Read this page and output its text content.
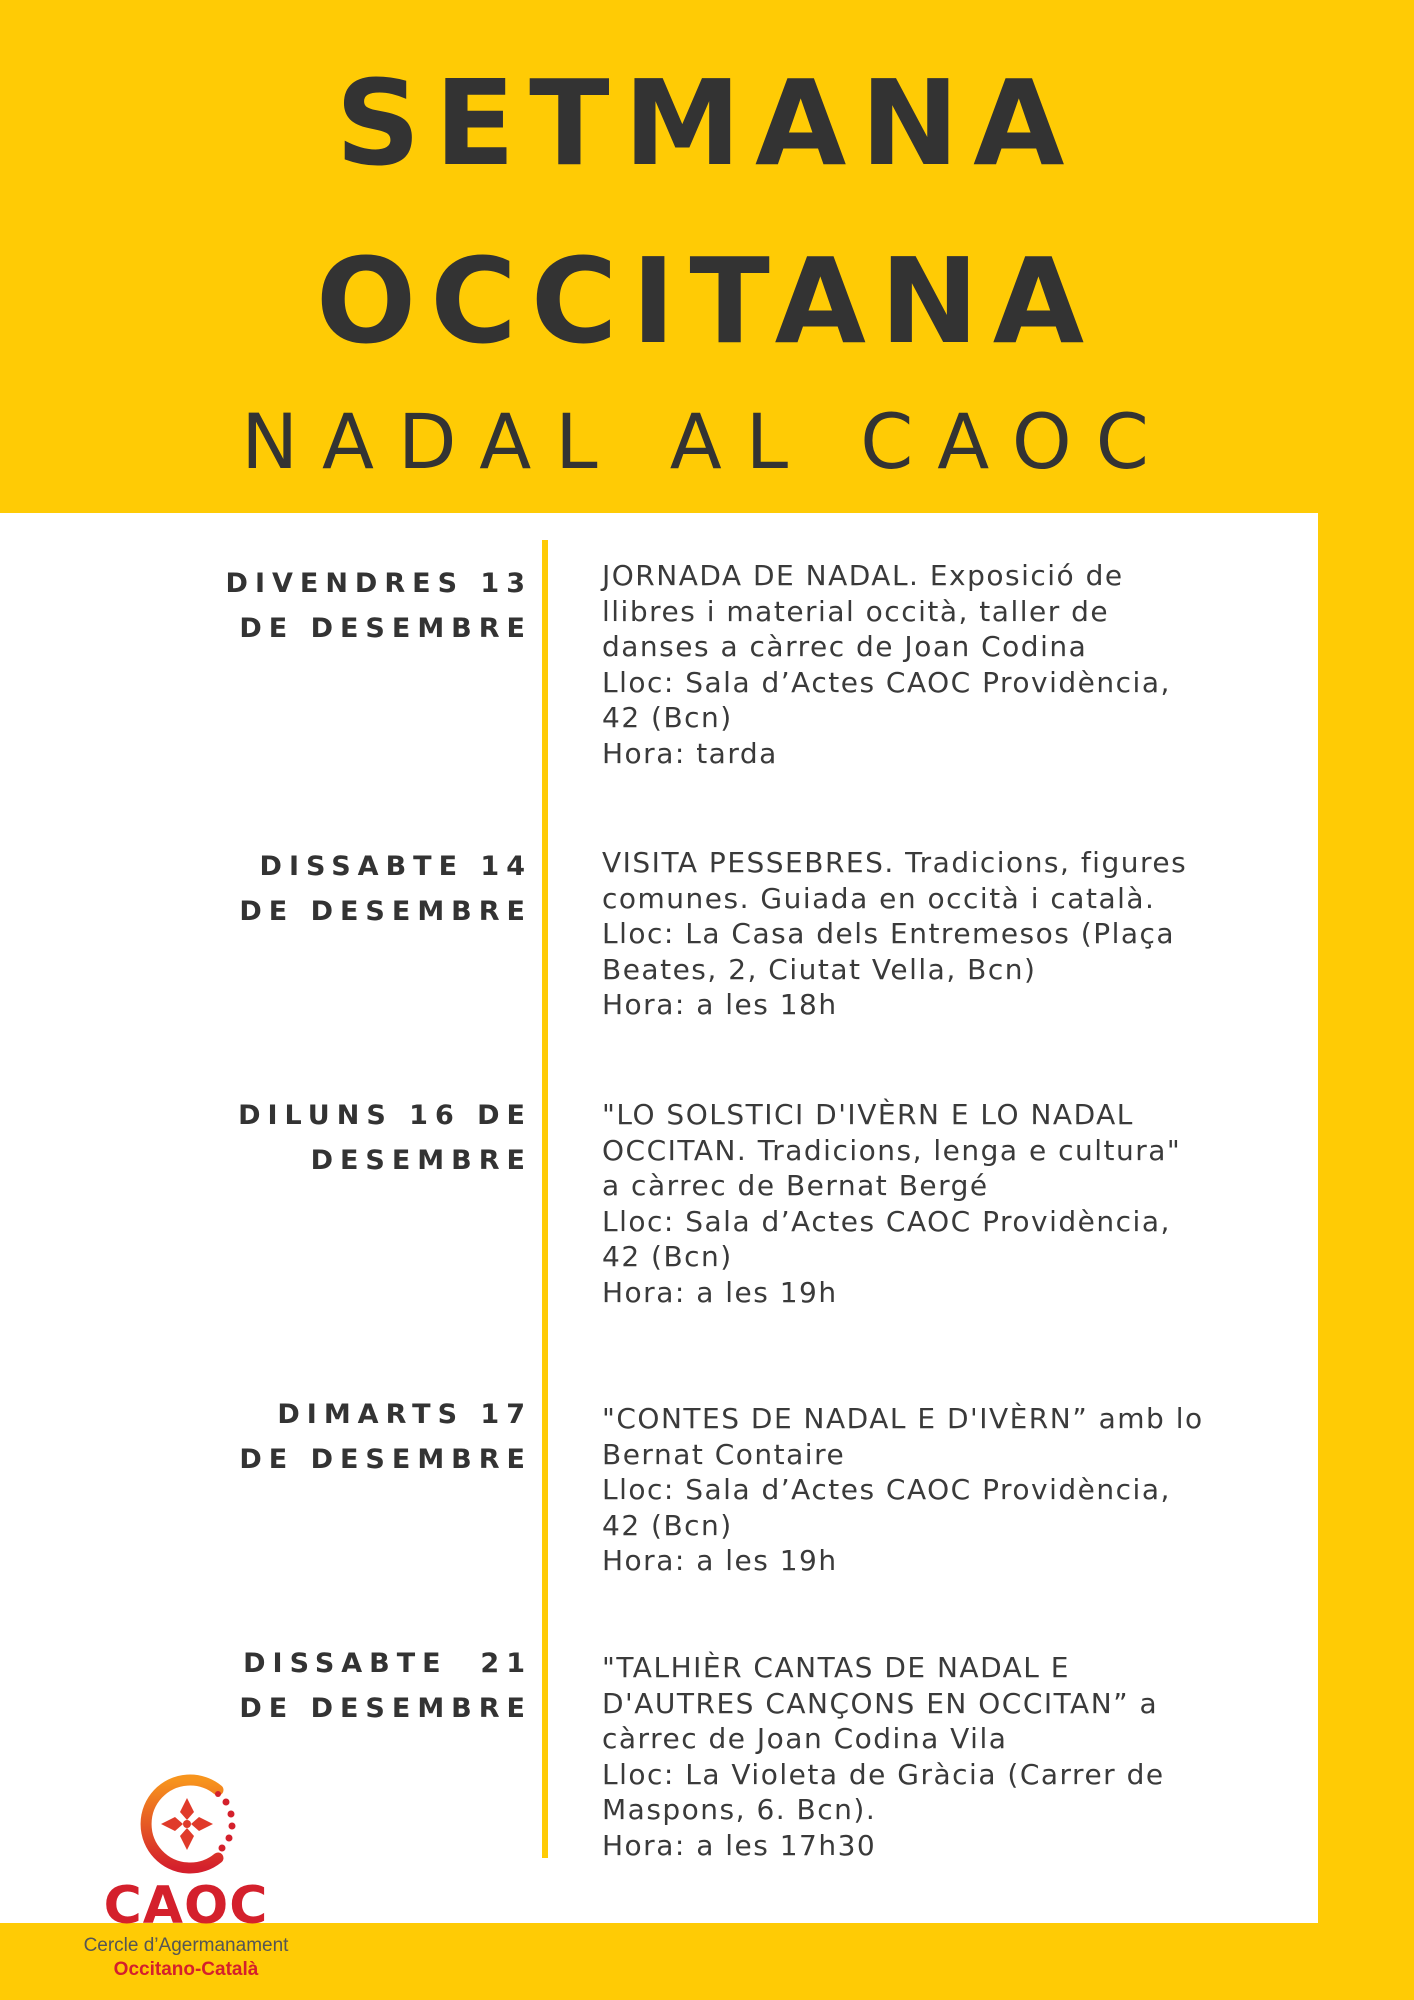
SETMANA
OCCITANA
NADAL AL CAOC
DIVENDRES 13
DE DESEMBRE
JORNADA DE NADAL. Exposició de
llibres i material occità, taller de
danses a càrrec de Joan Codina
Lloc: Sala d’Actes CAOC Providència,
42 (Bcn)
Hora: tarda
DISSABTE 14
DE DESEMBRE
VISITA PESSEBRES. Tradicions, figures
comunes. Guiada en occità i català.
Lloc: La Casa dels Entremesos (Plaça
Beates, 2, Ciutat Vella, Bcn)
Hora: a les 18h
DILUNS 16 DE
DESEMBRE
"LO SOLSTICI D'IVÈRN E LO NADAL
OCCITAN. Tradicions, lenga e cultura"
a càrrec de Bernat Bergé
Lloc: Sala d’Actes CAOC Providència,
42 (Bcn)
Hora: a les 19h
DIMARTS 17
DE DESEMBRE
"CONTES DE NADAL E D'IVÈRN” amb lo
Bernat Contaire
Lloc: Sala d’Actes CAOC Providència,
42 (Bcn)
Hora: a les 19h
DISSABTE  21
DE DESEMBRE
"TALHIÈR CANTAS DE NADAL E
D'AUTRES CANÇONS EN OCCITAN” a
càrrec de Joan Codina Vila
Lloc: La Violeta de Gràcia (Carrer de
Maspons, 6. Bcn).
Hora: a les 17h30
CAOC
Cercle d’Agermanament
Occitano-Català
